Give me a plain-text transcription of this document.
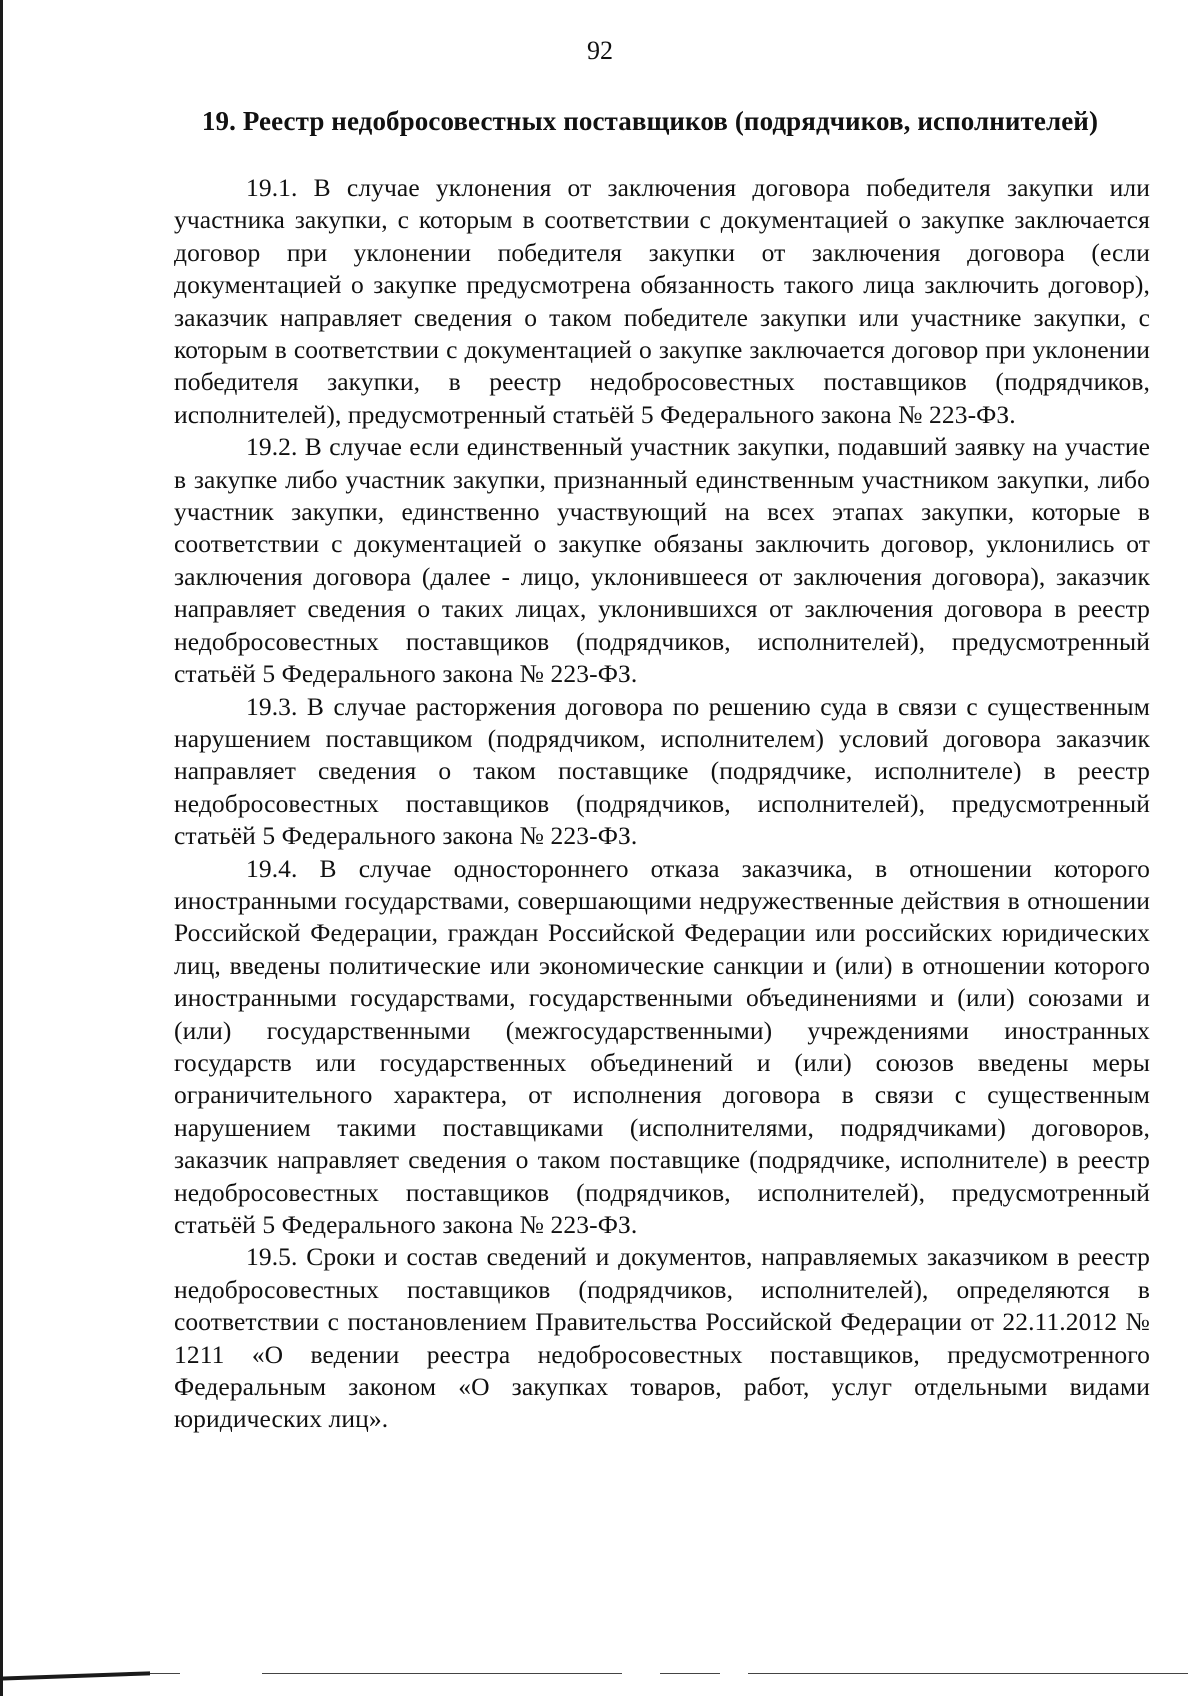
92
19. Реестр недобросовестных поставщиков (подрядчиков, исполнителей)

19.1. В случае уклонения от заключения договора победителя закупки или участника закупки, с которым в соответствии с документацией о закупке заключается договор при уклонении победителя закупки от заключения договора (если документацией о закупке предусмотрена обязанность такого лица заключить договор), заказчик направляет сведения о таком победителе закупки или участнике закупки, с которым в соответствии с документацией о закупке заключается договор при уклонении победителя закупки, в реестр недобросовестных поставщиков (подрядчиков, исполнителей), предусмотренный статьёй 5 Федерального закона № 223-ФЗ.

19.2. В случае если единственный участник закупки, подавший заявку на участие в закупке либо участник закупки, признанный единственным участником закупки, либо участник закупки, единственно участвующий на всех этапах закупки, которые в соответствии с документацией о закупке обязаны заключить договор, уклонились от заключения договора (далее - лицо, уклонившееся от заключения договора), заказчик направляет сведения о таких лицах, уклонившихся от заключения договора в реестр недобросовестных поставщиков (подрядчиков, исполнителей), предусмотренный статьёй 5 Федерального закона № 223-ФЗ.

19.3. В случае расторжения договора по решению суда в связи с существенным нарушением поставщиком (подрядчиком, исполнителем) условий договора заказчик направляет сведения о таком поставщике (подрядчике, исполнителе) в реестр недобросовестных поставщиков (подрядчиков, исполнителей), предусмотренный статьёй 5 Федерального закона № 223-ФЗ.

19.4. В случае одностороннего отказа заказчика, в отношении которого иностранными государствами, совершающими недружественные действия в отношении Российской Федерации, граждан Российской Федерации или российских юридических лиц, введены политические или экономические санкции и (или) в отношении которого иностранными государствами, государственными объединениями и (или) союзами и (или) государственными (межгосударственными) учреждениями иностранных государств или государственных объединений и (или) союзов введены меры ограничительного характера, от исполнения договора в связи с существенным нарушением такими поставщиками (исполнителями, подрядчиками) договоров, заказчик направляет сведения о таком поставщике (подрядчике, исполнителе) в реестр недобросовестных поставщиков (подрядчиков, исполнителей), предусмотренный статьёй 5 Федерального закона № 223-ФЗ.

19.5. Сроки и состав сведений и документов, направляемых заказчиком в реестр недобросовестных поставщиков (подрядчиков, исполнителей), определяются в соответствии с постановлением Правительства Российской Федерации от 22.11.2012 № 1211 «О ведении реестра недобросовестных поставщиков, предусмотренного Федеральным законом «О закупках товаров, работ, услуг отдельными видами юридических лиц».
